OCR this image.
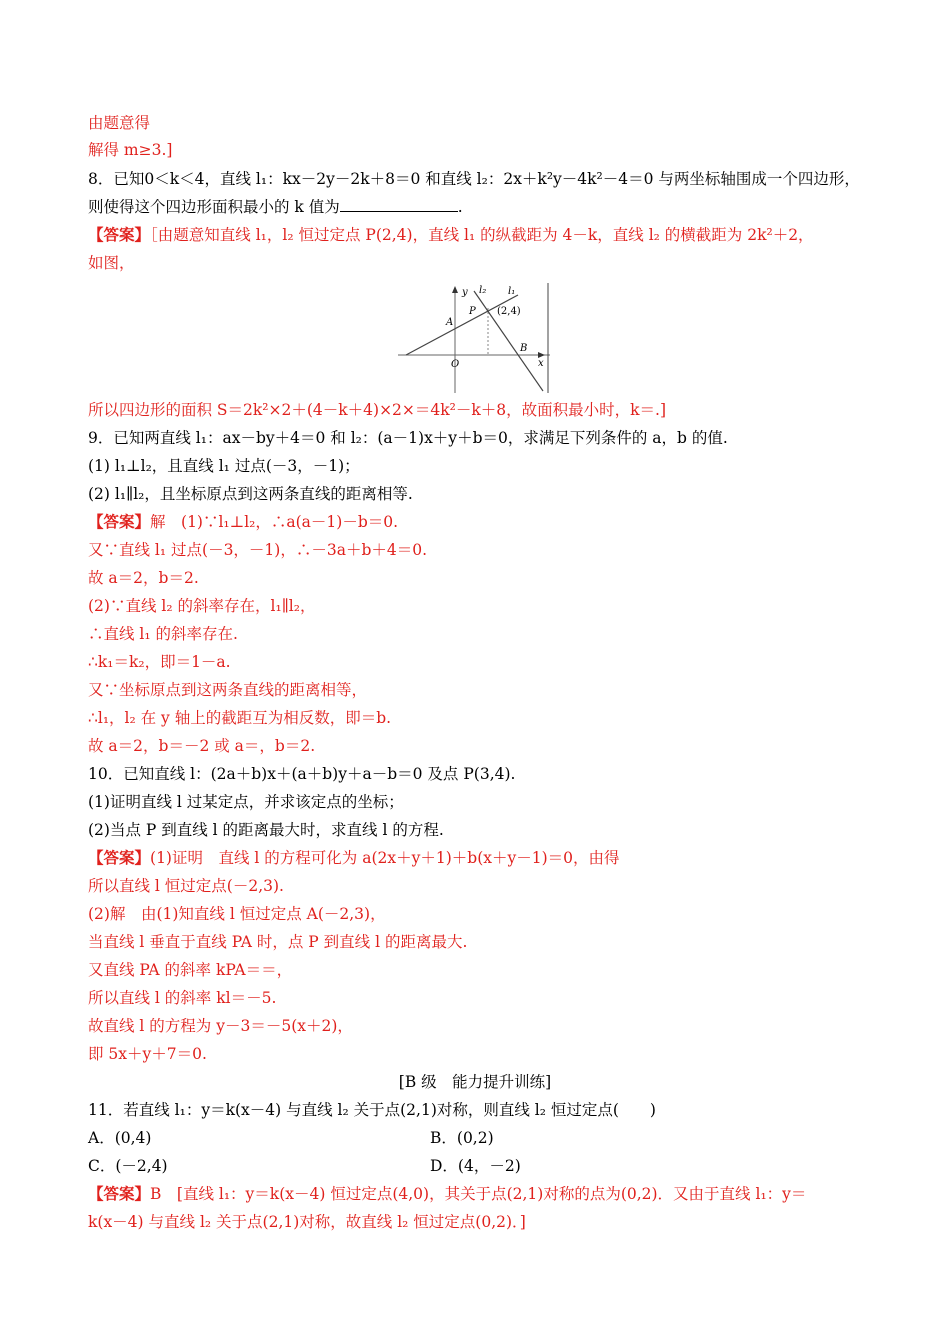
由题意得
解得 m≥3.]
8．已知0＜k＜4，直线 l₁：kx－2y－2k＋8＝0 和直线 l₂：2x＋k²y－4k²－4＝0 与两坐标轴围成一个四边形，
则使得这个四边形面积最小的 k 值为	.
【答案】［由题意知直线 l₁，l₂ 恒过定点 P(2,4)，直线 l₁ 的纵截距为 4－k，直线 l₂ 的横截距为 2k²＋2，
如图，
y l₂ l₁
A
P (2,4)
O
B
x
所以四边形的面积 S＝2k²×2＋(4－k＋4)×2×＝4k²－k＋8，故面积最小时，k＝.]
9．已知两直线 l₁：ax－by＋4＝0 和 l₂：(a－1)x＋y＋b＝0，求满足下列条件的 a，b 的值.
(1) l₁⊥l₂，且直线 l₁ 过点(－3，－1)；
(2) l₁∥l₂，且坐标原点到这两条直线的距离相等.
【答案】解　(1)∵l₁⊥l₂，∴a(a－1)－b＝0.
又∵直线 l₁ 过点(－3，－1)，∴－3a＋b＋4＝0.
故 a＝2，b＝2.
(2)∵直线 l₂ 的斜率存在，l₁∥l₂，
∴直线 l₁ 的斜率存在.
∴k₁＝k₂，即＝1－a.
又∵坐标原点到这两条直线的距离相等，
∴l₁，l₂ 在 y 轴上的截距互为相反数，即＝b.
故 a＝2，b＝－2 或 a＝，b＝2.
10．已知直线 l：(2a＋b)x＋(a＋b)y＋a－b＝0 及点 P(3,4).
(1)证明直线 l 过某定点，并求该定点的坐标；
(2)当点 P 到直线 l 的距离最大时，求直线 l 的方程.
【答案】(1)证明　直线 l 的方程可化为 a(2x＋y＋1)＋b(x＋y－1)＝0，由得
所以直线 l 恒过定点(－2,3).
(2)解　由(1)知直线 l 恒过定点 A(－2,3)，
当直线 l 垂直于直线 PA 时，点 P 到直线 l 的距离最大.
又直线 PA 的斜率 kPA＝＝，
所以直线 l 的斜率 kl＝－5.
故直线 l 的方程为 y－3＝－5(x＋2)，
即 5x＋y＋7＝0.
[B 级　能力提升训练]
11．若直线 l₁：y＝k(x－4) 与直线 l₂ 关于点(2,1)对称，则直线 l₂ 恒过定点(　　)
A．(0,4)	B．(0,2)
C．(－2,4)	D．(4，－2)
【答案】B　[直线 l₁：y＝k(x－4) 恒过定点(4,0)，其关于点(2,1)对称的点为(0,2)．又由于直线 l₁：y＝
k(x－4) 与直线 l₂ 关于点(2,1)对称，故直线 l₂ 恒过定点(0,2)．]
